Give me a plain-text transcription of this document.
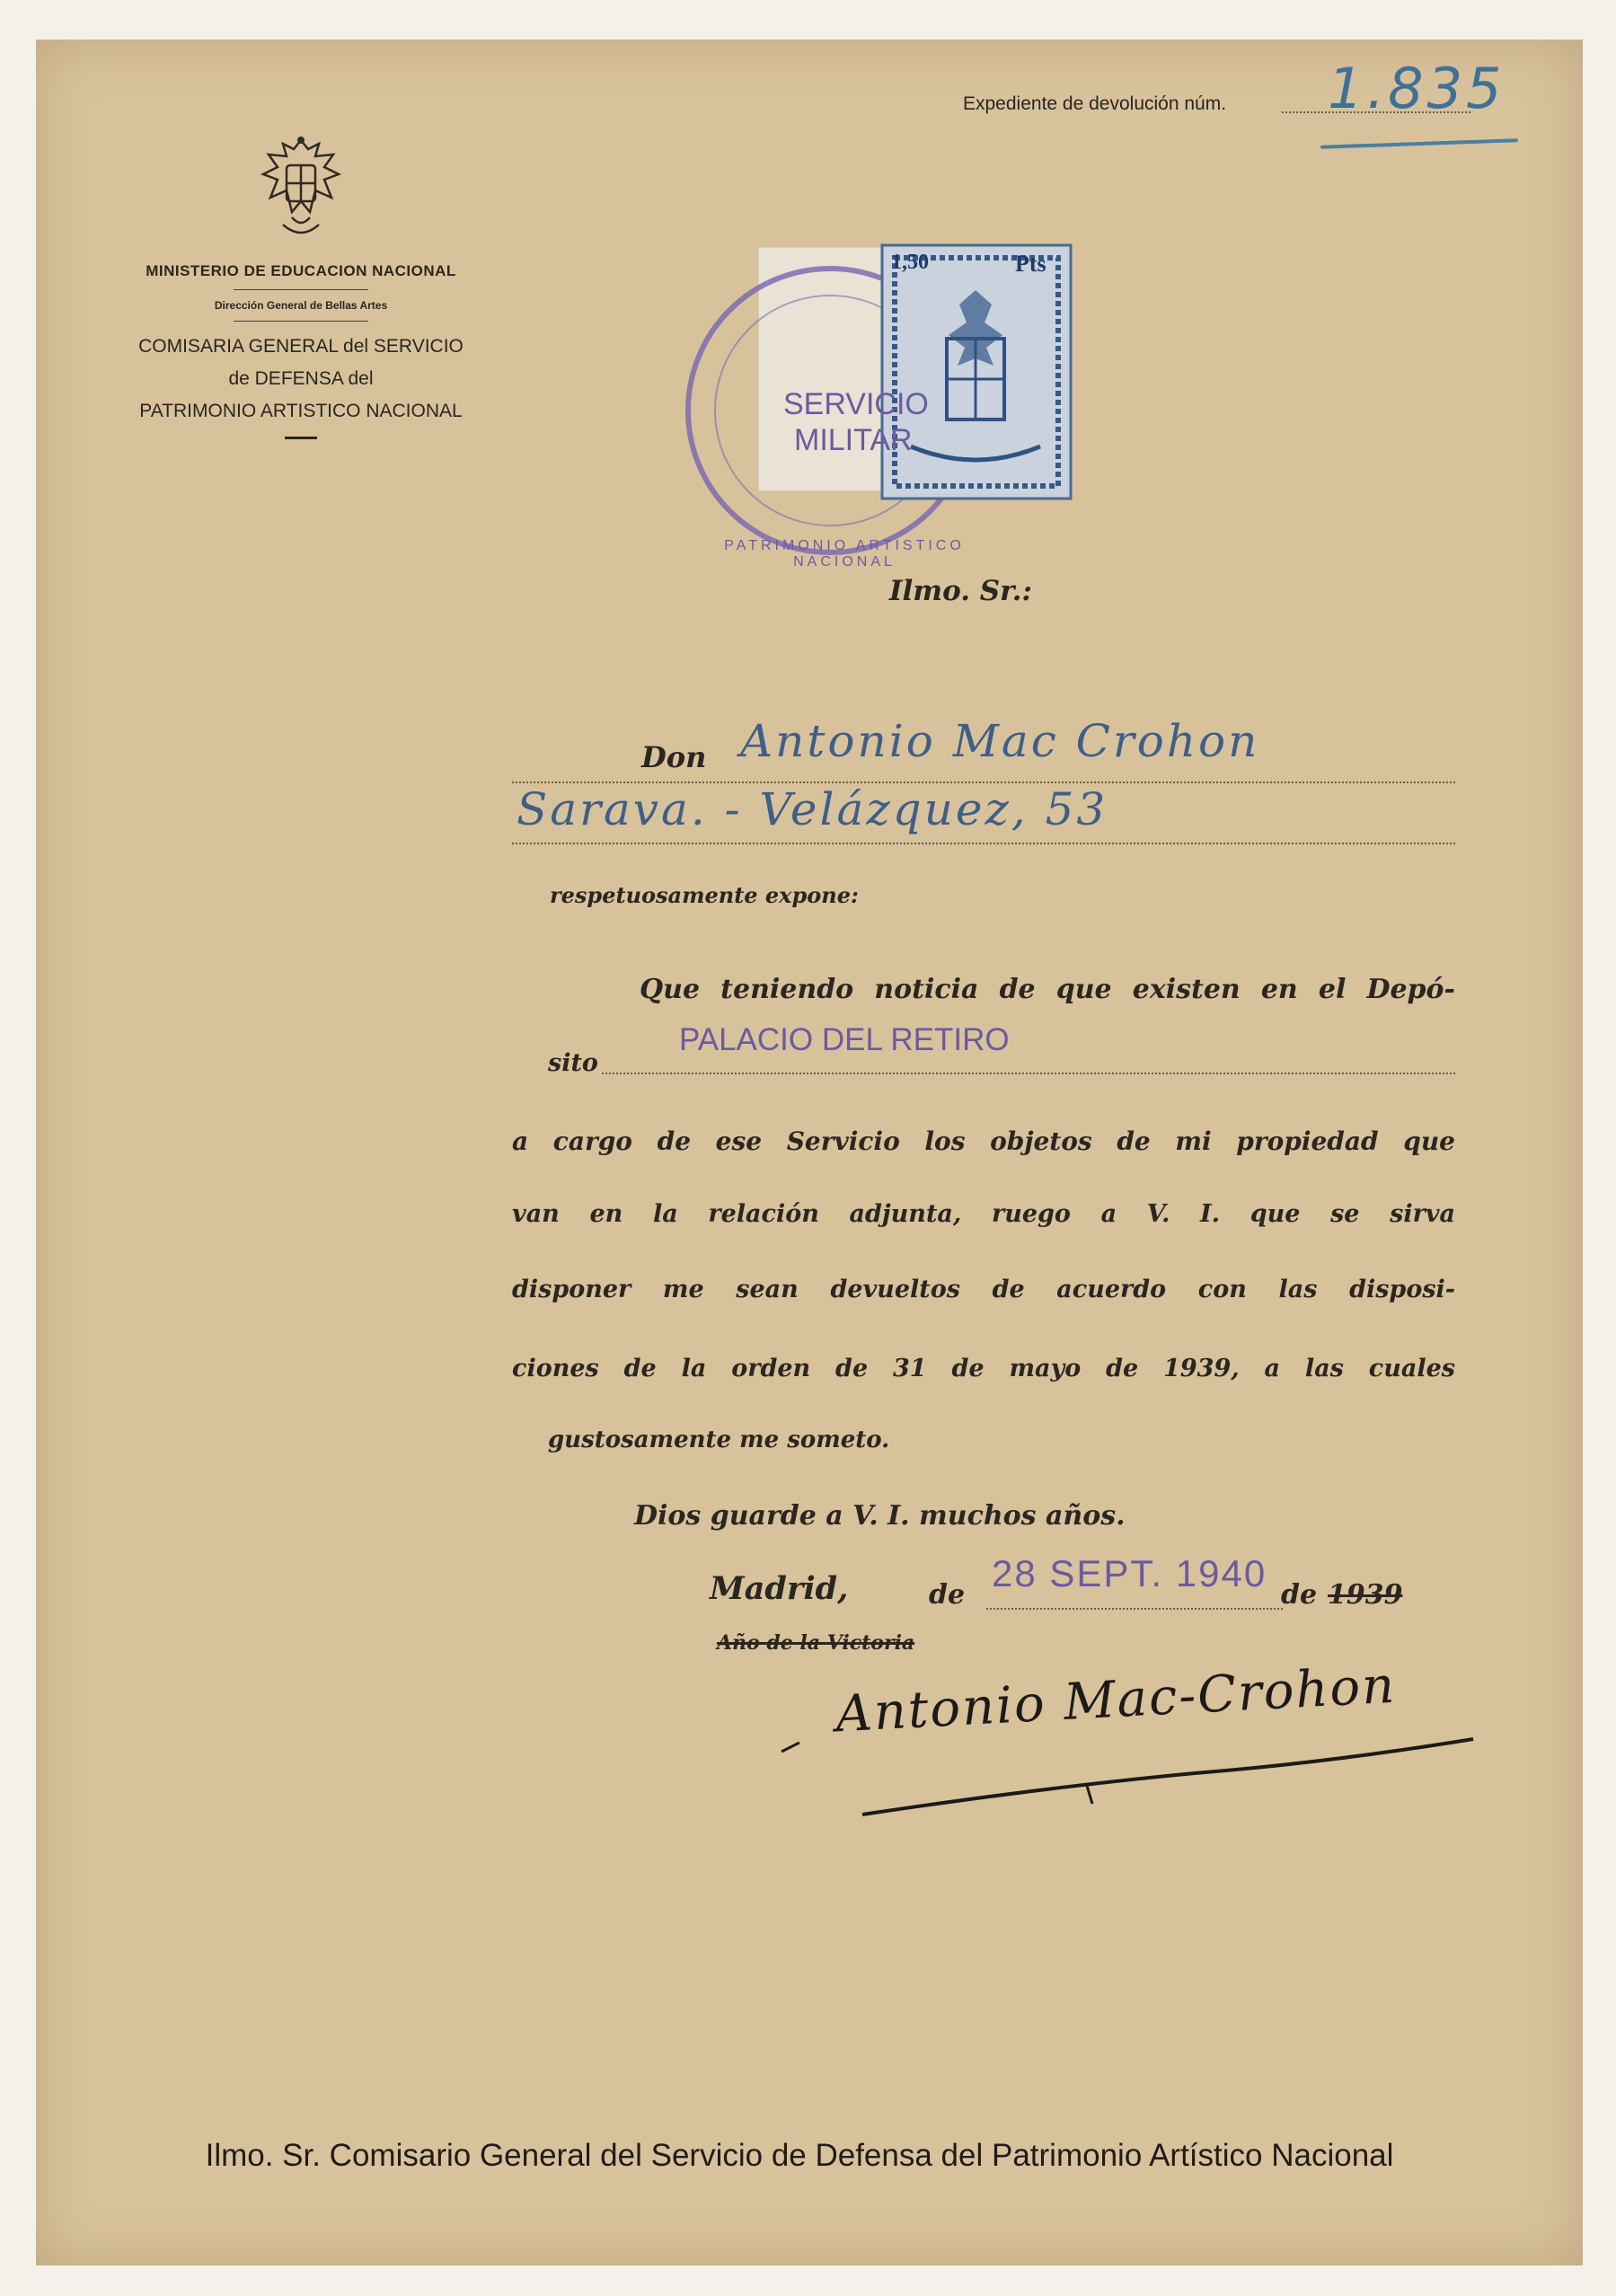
MINISTERIO DE EDUCACION NACIONAL
Dirección General de Bellas Artes
COMISARIA GENERAL del SERVICIO
de DEFENSA del
PATRIMONIO ARTISTICO NACIONAL
Expediente de devolución núm. 1.835
1,50	Pts
SERVICIO
MILITAR
PATRIMONIO ARTISTICO NACIONAL
Ilmo. Sr.:
Don Antonio Mac Crohon
Sarava. - Velázquez, 53
respetuosamente expone:
Que teniendo noticia de que existen en el Depó-
sito
PALACIO DEL RETIRO
a cargo de ese Servicio los objetos de mi propiedad que
van en la relación adjunta, ruego a V. I. que se sirva
disponer me sean devueltos de acuerdo con las disposi-
ciones de la orden de 31 de mayo de 1939, a las cuales
gustosamente me someto.
Dios guarde a V. I. muchos años.
Madrid,	de
28 SEPT. 1940
de 1939
Año de la Victoria
Antonio Mac-Crohon
Ilmo. Sr. Comisario General del Servicio de Defensa del Patrimonio Artístico Nacional
